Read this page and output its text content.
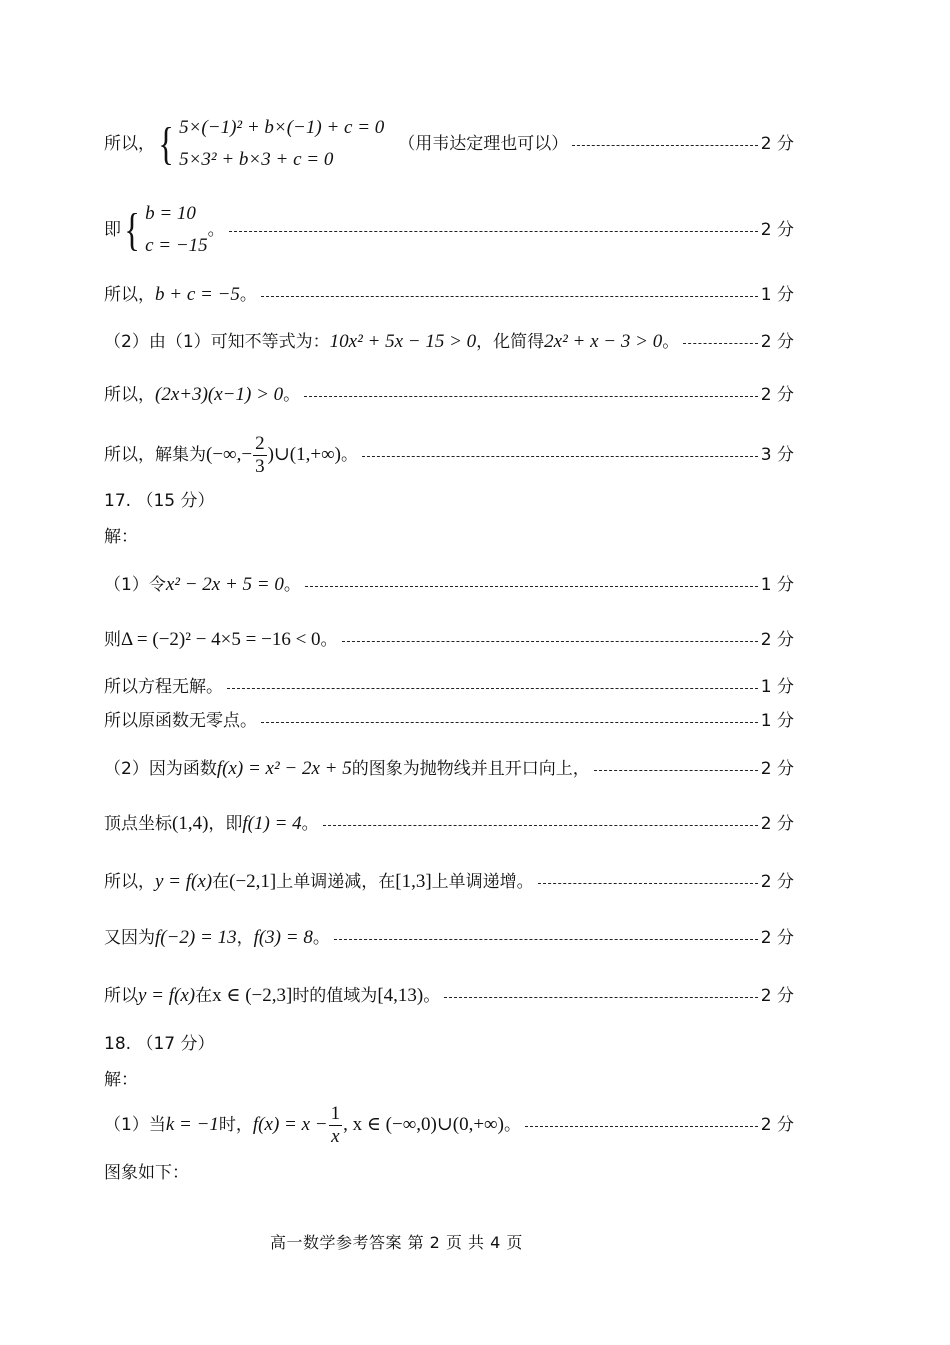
所以， { 5×(−1)² + b×(−1) + c = 0
5×3² + b×3 + c = 0
（用韦达定理也可以）	2 分
即 { b = 10
c = −15
。	2 分
所以， b + c = −5 。	1 分
（2）由（1）可知不等式为： 10x² + 5x − 15 > 0 ，化简得 2x² + x − 3 > 0 。	2 分
所以， (2x+3)(x−1) > 0 。	2 分
所以，解集为 (−∞,− $\frac{2}{3}$ )∪(1,+∞) 。	3 分
17. （15 分）
解：
（1）令 x² − 2x + 5 = 0 。	1 分
则 Δ = (−2)² − 4×5 = −16 < 0 。	2 分
所以方程无解。	1 分
所以原函数无零点。	1 分
（2）因为函数 f(x) = x² − 2x + 5 的图象为抛物线并且开口向上，	2 分
顶点坐标 (1,4) ，即 f(1) = 4 。	2 分
所以， y = f(x) 在 (−2,1] 上单调递减，在 [1,3] 上单调递增。	2 分
又因为 f(−2) = 13 ， f(3) = 8 。	2 分
所以 y = f(x) 在 x ∈ (−2,3] 时的值域为 [4,13) 。	2 分
18. （17 分）
解：
（1）当 k = −1 时， $f(x) = x - \frac{1}{x}$ , x ∈ (−∞,0)∪(0,+∞) 。	2 分
图象如下：
高一数学参考答案 第 2 页 共 4 页
